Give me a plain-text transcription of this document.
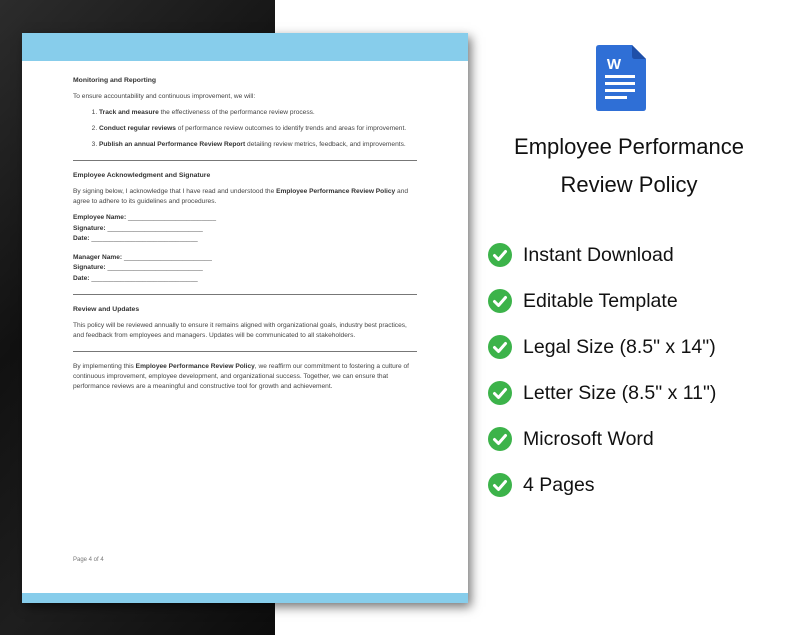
Monitoring and Reporting

To ensure accountability and continuous improvement, we will:

1. Track and measure the effectiveness of the performance review process.
2. Conduct regular reviews of performance review outcomes to identify trends and areas for improvement.
3. Publish an annual Performance Review Report detailing review metrics, feedback, and improvements.
Employee Acknowledgment and Signature

By signing below, I acknowledge that I have read and understood the Employee Performance Review Policy and agree to adhere to its guidelines and procedures.

Employee Name: ________________________

Signature: __________________________

Date: _____________________________

Manager Name: ________________________

Signature: __________________________

Date: _____________________________

Review and Updates

This policy will be reviewed annually to ensure it remains aligned with organizational goals, industry best practices, and feedback from employees and managers. Updates will be communicated to all stakeholders.

By implementing this Employee Performance Review Policy, we reaffirm our commitment to fostering a culture of continuous improvement, employee development, and organizational success. Together, we can ensure that performance reviews are a meaningful and constructive tool for growth and achievement.

Page 4 of 4
W
Employee Performance
Review Policy
Instant Download
Editable Template
Legal Size (8.5" x 14")
Letter Size (8.5" x 11")
Microsoft Word
4 Pages
